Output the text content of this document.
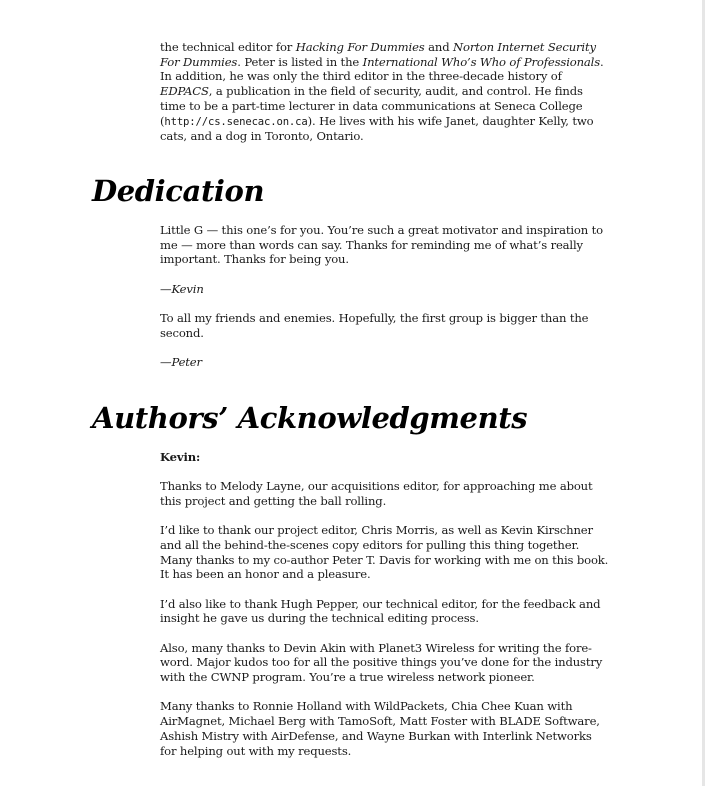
the technical editor for Hacking For Dummies and Norton Internet Security For Dummies. Peter is listed in the International Who’s Who of Professionals. In addition, he was only the third editor in the three-decade history of EDPACS, a publication in the field of security, audit, and control. He finds time to be a part-time lecturer in data communications at Seneca College (http://cs.senecac.on.ca). He lives with his wife Janet, daughter Kelly, two cats, and a dog in Toronto, Ontario.

Dedication

Little G — this one’s for you. You’re such a great motivator and inspiration to me — more than words can say. Thanks for reminding me of what’s really important. Thanks for being you.

—Kevin

To all my friends and enemies. Hopefully, the first group is bigger than the second.

—Peter

Authors’ Acknowledgments

Kevin:

Thanks to Melody Layne, our acquisitions editor, for approaching me about this project and getting the ball rolling.

I’d like to thank our project editor, Chris Morris, as well as Kevin Kirschner and all the behind-the-scenes copy editors for pulling this thing together. Many thanks to my co-author Peter T. Davis for working with me on this book. It has been an honor and a pleasure.

I’d also like to thank Hugh Pepper, our technical editor, for the feedback and insight he gave us during the technical editing process.

Also, many thanks to Devin Akin with Planet3 Wireless for writing the fore-word. Major kudos too for all the positive things you’ve done for the industry with the CWNP program. You’re a true wireless network pioneer.

Many thanks to Ronnie Holland with WildPackets, Chia Chee Kuan with AirMagnet, Michael Berg with TamoSoft, Matt Foster with BLADE Software, Ashish Mistry with AirDefense, and Wayne Burkan with Interlink Networks for helping out with my requests.
